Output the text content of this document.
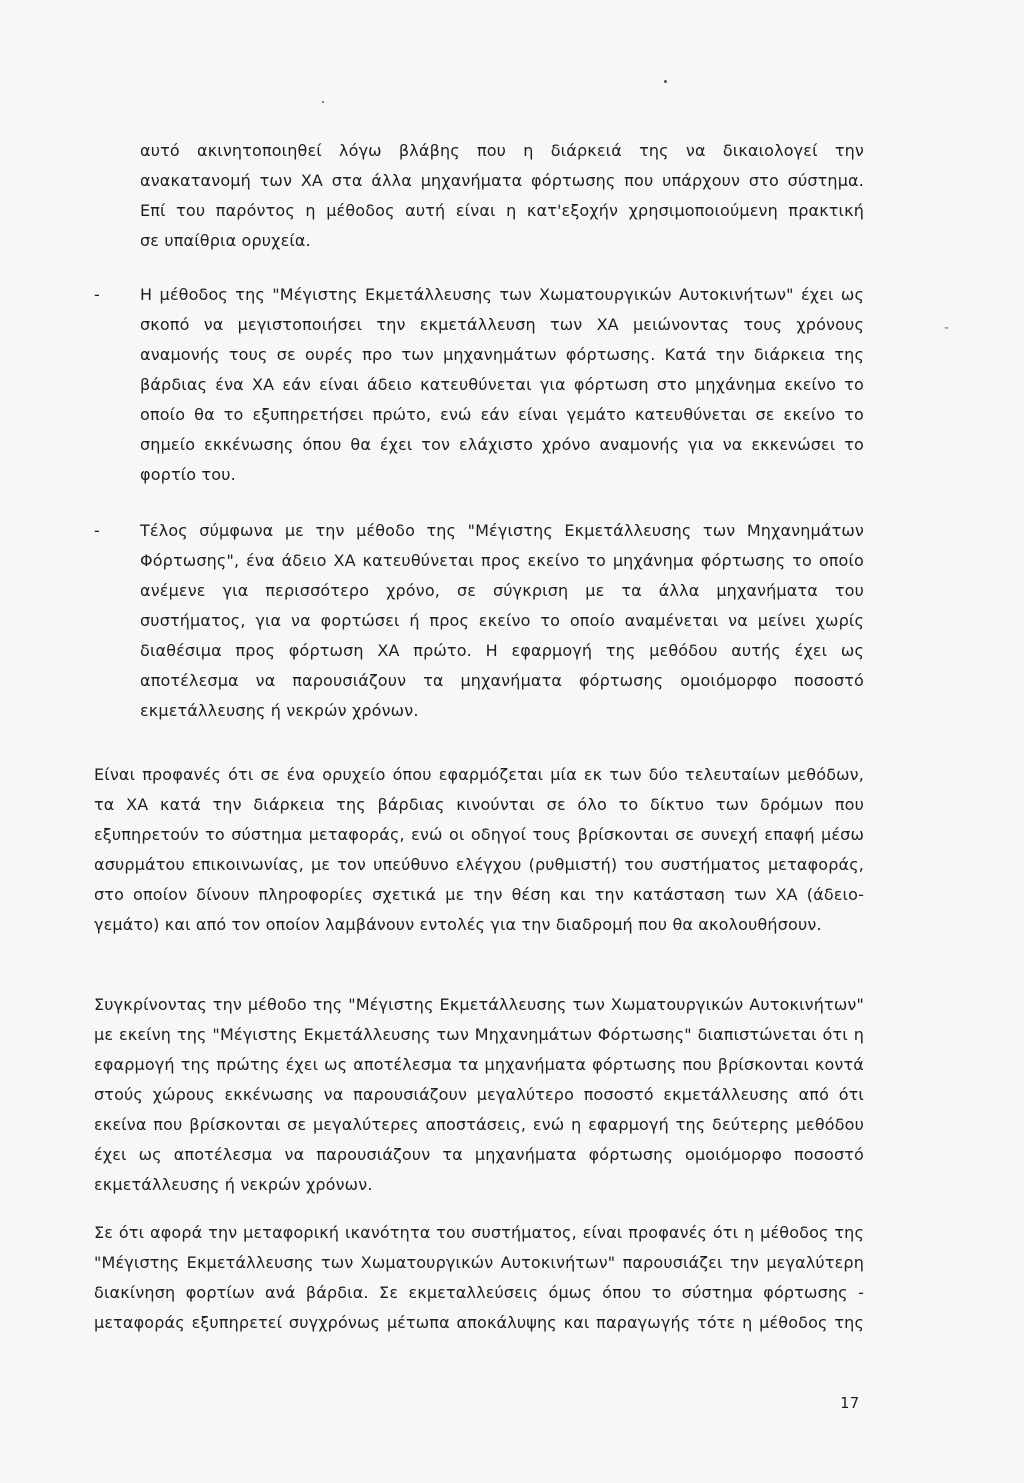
αυτό ακινητοποιηθεί λόγω βλάβης που η διάρκειά της να δικαιολογεί την
ανακατανομή των ΧΑ στα άλλα μηχανήματα φόρτωσης που υπάρχουν στο σύστημα.
Επί του παρόντος η μέθοδος αυτή είναι η κατ'εξοχήν χρησιμοποιούμενη πρακτική
σε υπαίθρια ορυχεία.
-	Η μέθοδος της "Μέγιστης Εκμετάλλευσης των Χωματουργικών Αυτοκινήτων" έχει ως
σκοπό να μεγιστοποιήσει την εκμετάλλευση των ΧΑ μειώνοντας τους χρόνους
αναμονής τους σε ουρές προ των μηχανημάτων φόρτωσης. Κατά την διάρκεια της
βάρδιας ένα ΧΑ εάν είναι άδειο κατευθύνεται για φόρτωση στο μηχάνημα εκείνο το
οποίο θα το εξυπηρετήσει πρώτο, ενώ εάν είναι γεμάτο κατευθύνεται σε εκείνο το
σημείο εκκένωσης όπου θα έχει τον ελάχιστο χρόνο αναμονής για να εκκενώσει το
φορτίο του.
-
-	Τέλος σύμφωνα με την μέθοδο της "Μέγιστης Εκμετάλλευσης των Μηχανημάτων
Φόρτωσης", ένα άδειο ΧΑ κατευθύνεται προς εκείνο το μηχάνημα φόρτωσης το οποίο
ανέμενε για περισσότερο χρόνο, σε σύγκριση με τα άλλα μηχανήματα του
συστήματος, για να φορτώσει ή προς εκείνο το οποίο αναμένεται να μείνει χωρίς
διαθέσιμα προς φόρτωση ΧΑ πρώτο. Η εφαρμογή της μεθόδου αυτής έχει ως
αποτέλεσμα να παρουσιάζουν τα μηχανήματα φόρτωσης ομοιόμορφο ποσοστό
εκμετάλλευσης ή νεκρών χρόνων.
Είναι προφανές ότι σε ένα ορυχείο όπου εφαρμόζεται μία εκ των δύο τελευταίων μεθόδων,
τα ΧΑ κατά την διάρκεια της βάρδιας κινούνται σε όλο το δίκτυο των δρόμων που
εξυπηρετούν το σύστημα μεταφοράς, ενώ οι οδηγοί τους βρίσκονται σε συνεχή επαφή μέσω
ασυρμάτου επικοινωνίας, με τον υπεύθυνο ελέγχου (ρυθμιστή) του συστήματος μεταφοράς,
στο οποίον δίνουν πληροφορίες σχετικά με την θέση και την κατάσταση των ΧΑ (άδειο-
γεμάτο) και από τον οποίον λαμβάνουν εντολές για την διαδρομή που θα ακολουθήσουν.
Συγκρίνοντας την μέθοδο της "Μέγιστης Εκμετάλλευσης των Χωματουργικών Αυτοκινήτων"
με εκείνη της "Μέγιστης Εκμετάλλευσης των Μηχανημάτων Φόρτωσης" διαπιστώνεται ότι η
εφαρμογή της πρώτης έχει ως αποτέλεσμα τα μηχανήματα φόρτωσης που βρίσκονται κοντά
στούς χώρους εκκένωσης να παρουσιάζουν μεγαλύτερο ποσοστό εκμετάλλευσης από ότι
εκείνα που βρίσκονται σε μεγαλύτερες αποστάσεις, ενώ η εφαρμογή της δεύτερης μεθόδου
έχει ως αποτέλεσμα να παρουσιάζουν τα μηχανήματα φόρτωσης ομοιόμορφο ποσοστό
εκμετάλλευσης ή νεκρών χρόνων.
Σε ότι αφορά την μεταφορική ικανότητα του συστήματος, είναι προφανές ότι η μέθοδος της
"Μέγιστης Εκμετάλλευσης των Χωματουργικών Αυτοκινήτων" παρουσιάζει την μεγαλύτερη
διακίνηση φορτίων ανά βάρδια. Σε εκμεταλλεύσεις όμως όπου το σύστημα φόρτωσης -
μεταφοράς εξυπηρετεί συγχρόνως μέτωπα αποκάλυψης και παραγωγής τότε η μέθοδος της
17
